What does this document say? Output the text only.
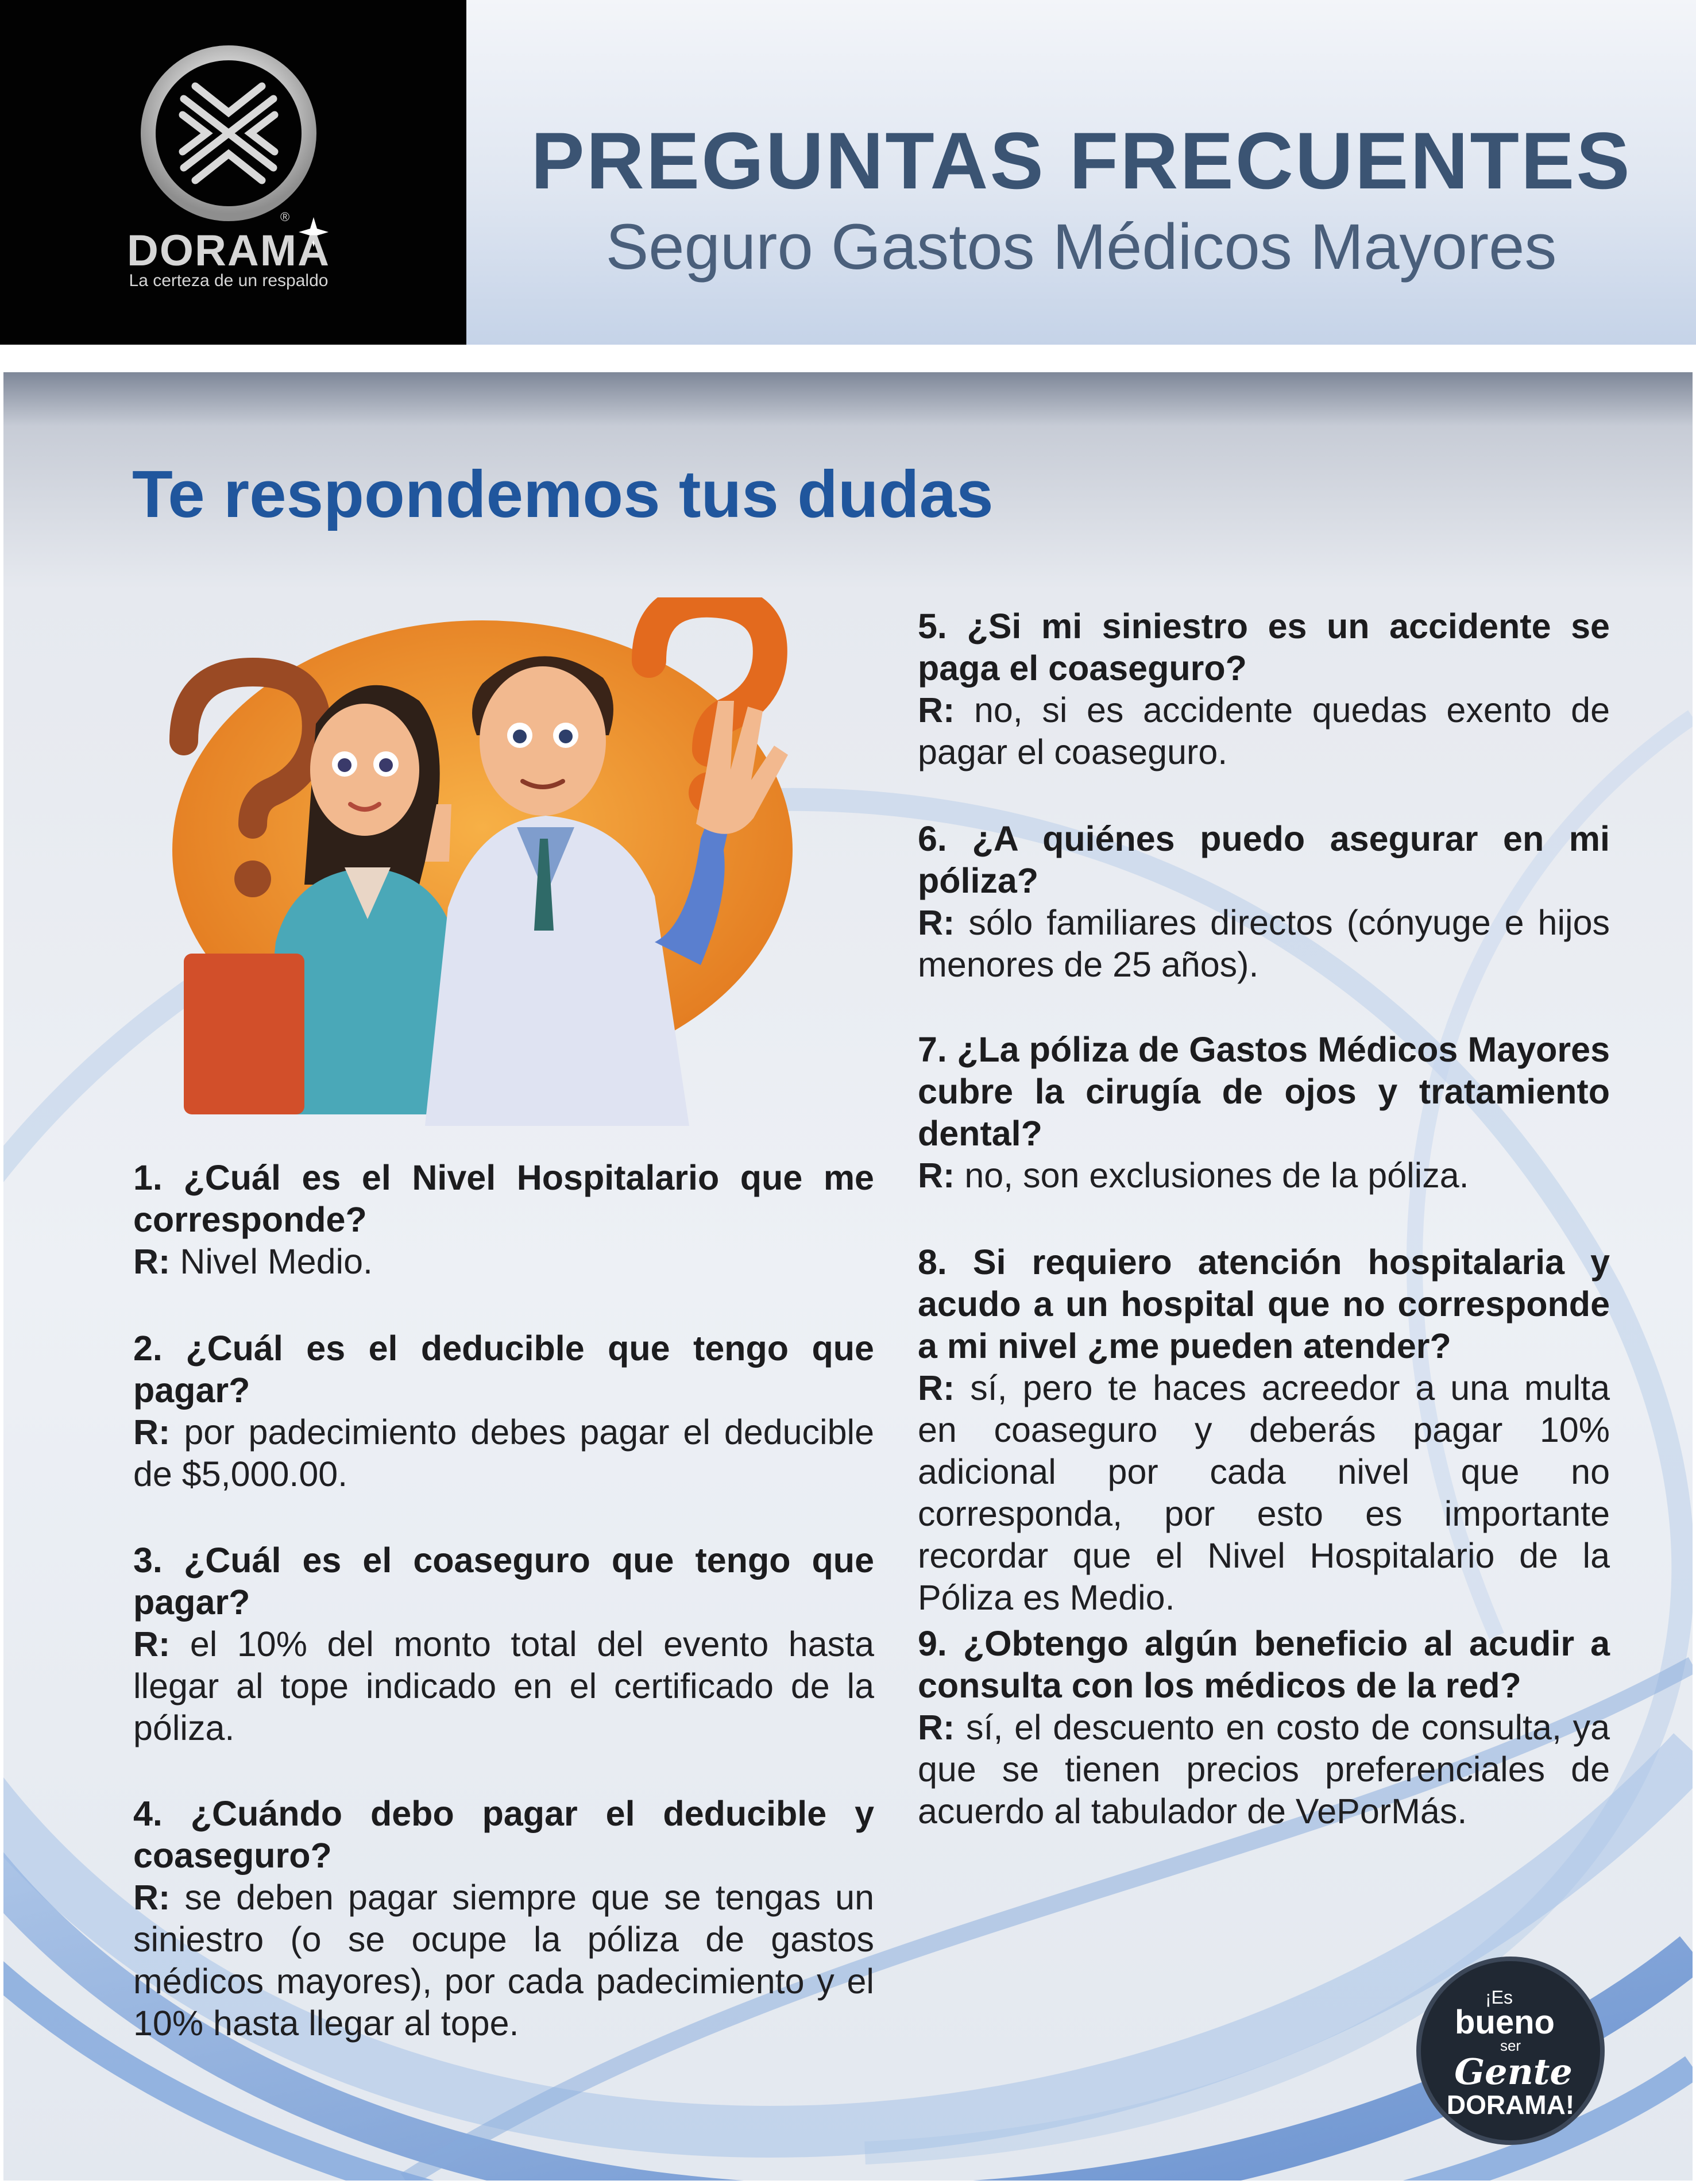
DORAMA
®
La certeza de un respaldo
PREGUNTAS FRECUENTES
Seguro Gastos Médicos Mayores
Te respondemos tus dudas
1. ¿Cuál es el Nivel Hospitalario que me corresponde?
R: Nivel Medio.
2. ¿Cuál es el deducible que tengo que pagar?
R: por padecimiento debes pagar el deducible de $5,000.00.
3. ¿Cuál es el coaseguro que tengo que pagar?
R: el 10% del monto total del evento hasta llegar al tope indicado en el certificado de la póliza.
4. ¿Cuándo debo pagar el deducible y coaseguro?
R: se deben pagar siempre que se tengas un siniestro (o se ocupe la póliza de gastos médicos mayores), por cada padecimiento y el 10% hasta llegar al tope.
5. ¿Si mi siniestro es un accidente se paga el coaseguro?
R: no, si es accidente quedas exento de pagar el coaseguro.
6. ¿A quiénes puedo asegurar en mi póliza?
R: sólo familiares directos (cónyuge e hijos menores de 25 años).
7. ¿La póliza de Gastos Médicos Mayores cubre la cirugía de ojos y tratamiento dental?
R: no, son exclusiones de la póliza.
8. Si requiero atención hospitalaria y acudo a un hospital que no corresponde a mi nivel ¿me pueden atender?
R: sí, pero te haces acreedor a una multa en coaseguro y deberás pagar 10% adicional por cada nivel que no corresponda, por esto es importante recordar que el Nivel Hospitalario de la Póliza es Medio.
9. ¿Obtengo algún beneficio al acudir a consulta con los médicos de la red?
R: sí, el descuento en costo de consulta, ya que se tienen precios preferenciales de acuerdo al tabulador de VePorMás.
¡Es
bueno
ser
Gente
DORAMA!
